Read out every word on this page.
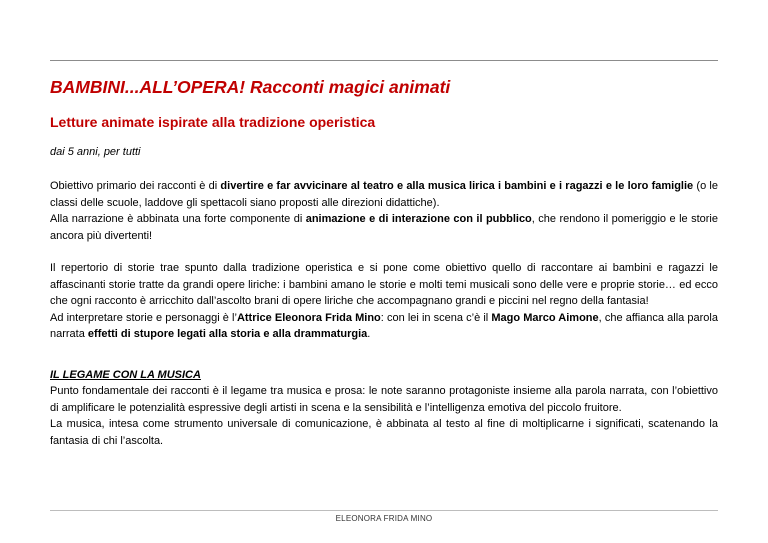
BAMBINI...ALL’OPERA! Racconti magici animati
Letture animate ispirate alla tradizione operistica

dai 5 anni, per tutti

Obiettivo primario dei racconti è di divertire e far avvicinare al teatro e alla musica lirica i bambini e i ragazzi e le loro famiglie (o le classi delle scuole, laddove gli spettacoli siano proposti alle direzioni didattiche).

Alla narrazione è abbinata una forte componente di animazione e di interazione con il pubblico, che rendono il pomeriggio e le storie ancora più divertenti!

Il repertorio di storie trae spunto dalla tradizione operistica e si pone come obiettivo quello di raccontare ai bambini e ragazzi le affascinanti storie tratte da grandi opere liriche: i bambini amano le storie e molti temi musicali sono delle vere e proprie storie… ed ecco che ogni racconto è arricchito dall’ascolto brani di opere liriche che accompagnano grandi e piccini nel regno della fantasia!

Ad interpretare storie e personaggi è l’Attrice Eleonora Frida Mino: con lei in scena c’è il Mago Marco Aimone, che affianca alla parola narrata effetti di stupore legati alla storia e alla drammaturgia.

IL LEGAME CON LA MUSICA

Punto fondamentale dei racconti è il legame tra musica e prosa: le note saranno protagoniste insieme alla parola narrata, con l’obiettivo di amplificare le potenzialità espressive degli artisti in scena e la sensibilità e l’intelligenza emotiva del piccolo fruitore.

La musica, intesa come strumento universale di comunicazione, è abbinata al testo al fine di moltiplicarne i significati, scatenando la fantasia di chi l’ascolta.

ELEONORA FRIDA MINO
